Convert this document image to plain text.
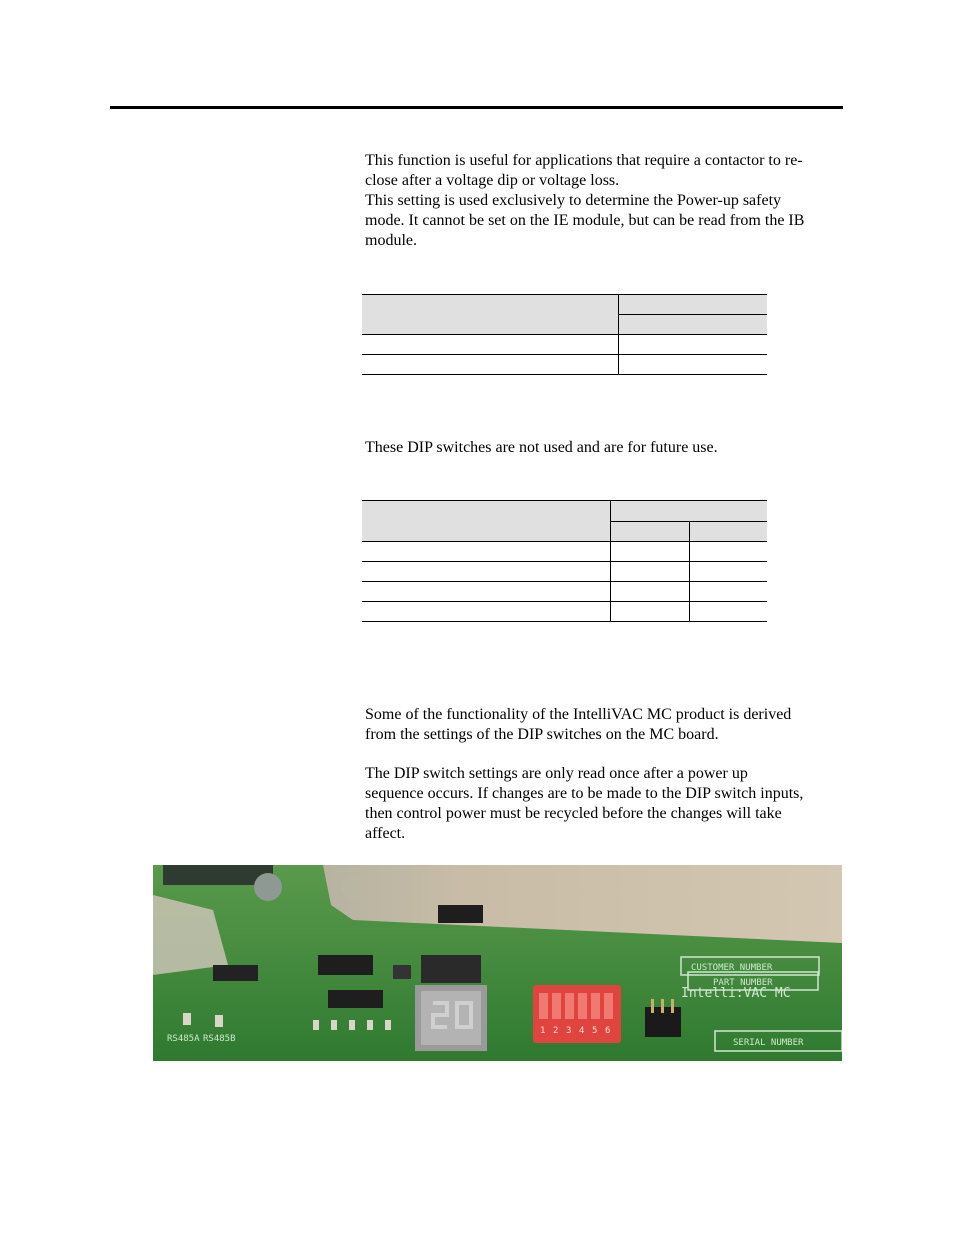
This function is useful for applications that require a contactor to re-

close after a voltage dip or voltage loss.

This setting is used exclusively to determine the Power-up safety

mode. It cannot be set on the IE module, but can be read from the IB

module.

These DIP switches are not used and are for future use.

Some of the functionality of the IntelliVAC MC product is derived

from the settings of the DIP switches on the MC board.

The DIP switch settings are only read once after a power up

sequence occurs. If changes are to be made to the DIP switch inputs,

then control power must be recycled before the changes will take

affect.

RS485A RS485B
1 2 3 4 5 6
CUSTOMER NUMBER
PART NUMBER
Intelli:VAC MC
SERIAL NUMBER
